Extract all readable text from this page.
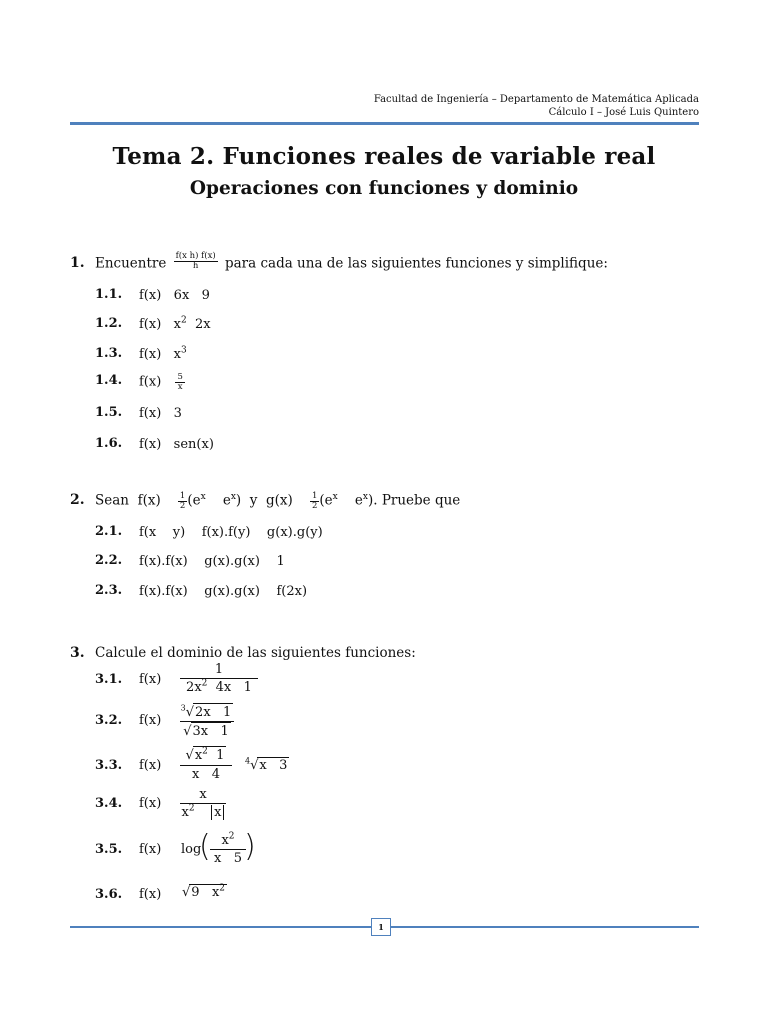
Facultad de Ingeniería – Departamento de Matemática Aplicada
Cálculo I – José Luis Quintero
Tema 2. Funciones reales de variable real
Operaciones con funciones y dominio
1. Encuentre $\frac{\text{f(x h) f(x)}}{h}$ para cada una de las siguientes funciones y simplifique:
1.1. f(x)   6x   9
1.2. f(x)   $x^2$  2x
1.3. f(x)   $x^3$
1.4. $f(x) \frac{5}{x}$
1.5. f(x)   3
1.6. f(x)   sen(x)
2. Sean $f(x) \frac{1}{2} (e^x$ $e^x$)  y  $g(x) \frac{1}{2} (e^x$ $e^x$). Pruebe que
2.1. f(x    y)    f(x).f(y)    g(x).g(y)
2.2. f(x).f(x)    g(x).g(x)    1
2.3. f(x).f(x)    g(x).g(x)    f(2x)
3. Calcule el dominio de las siguientes funciones:
3.1. $f(x) \frac{1}{2x^2 4x 1}$
3.2. $f(x) \frac{^3√2x 1}{√3x 1}$
3.3. $f(x) \frac{√x^2 1}{x 4} ^4√x$   3
3.4. $f(x) \frac{x}{x^2 x}$
3.5. f(x) log
( $\frac{x^2}{x 5}$
)
3.6. f(x) √9   $x^2$
1
